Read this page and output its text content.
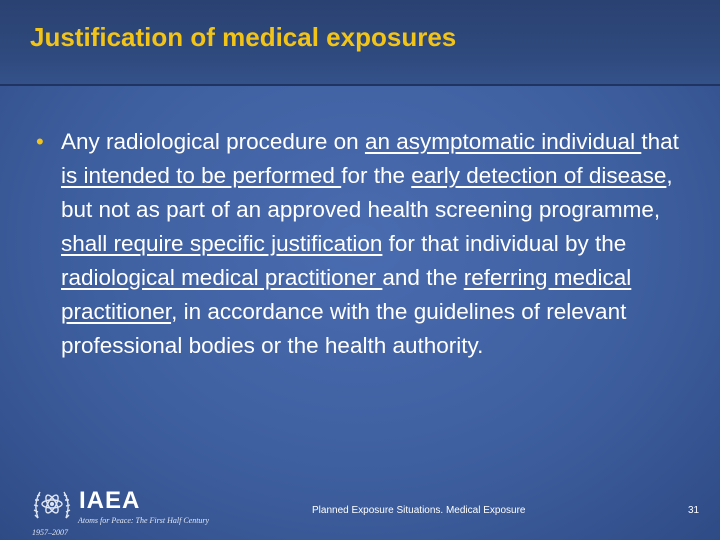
Justification of medical exposures
• Any radiological procedure on an asymptomatic individual that is intended to be performed for the early detection of disease, but not as part of an approved health screening programme, shall require specific justification for that individual by the radiological medical practitioner and the referring medical practitioner, in accordance with the guidelines of relevant professional bodies or the health authority.
IAEA
Atoms for Peace: The First Half Century
1957–2007
Planned Exposure Situations. Medical Exposure	31
